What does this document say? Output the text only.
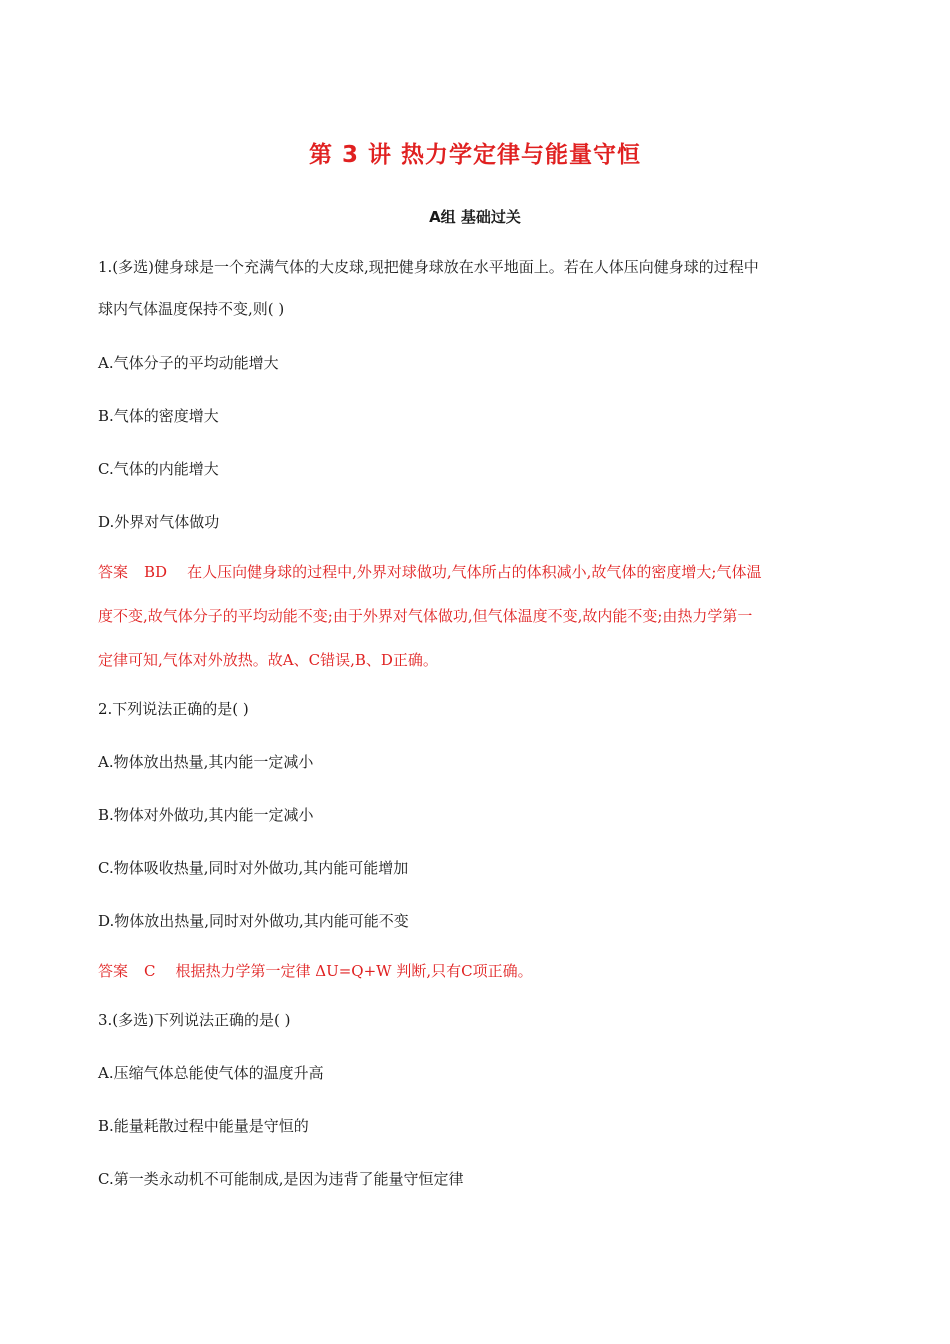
第 3 讲 热力学定律与能量守恒
A组 基础过关

1.(多选)健身球是一个充满气体的大皮球,现把健身球放在水平地面上。若在人体压向健身球的过程中

球内气体温度保持不变,则( )

A.气体分子的平均动能增大

B.气体的密度增大

C.气体的内能增大

D.外界对气体做功

答案 BD 在人压向健身球的过程中,外界对球做功,气体所占的体积减小,故气体的密度增大;气体温

度不变,故气体分子的平均动能不变;由于外界对气体做功,但气体温度不变,故内能不变;由热力学第一

定律可知,气体对外放热。故A、C错误,B、D正确。

2.下列说法正确的是( )

A.物体放出热量,其内能一定减小

B.物体对外做功,其内能一定减小

C.物体吸收热量,同时对外做功,其内能可能增加

D.物体放出热量,同时对外做功,其内能可能不变

答案 C 根据热力学第一定律 ΔU=Q+W 判断,只有C项正确。

3.(多选)下列说法正确的是( )

A.压缩气体总能使气体的温度升高

B.能量耗散过程中能量是守恒的

C.第一类永动机不可能制成,是因为违背了能量守恒定律
